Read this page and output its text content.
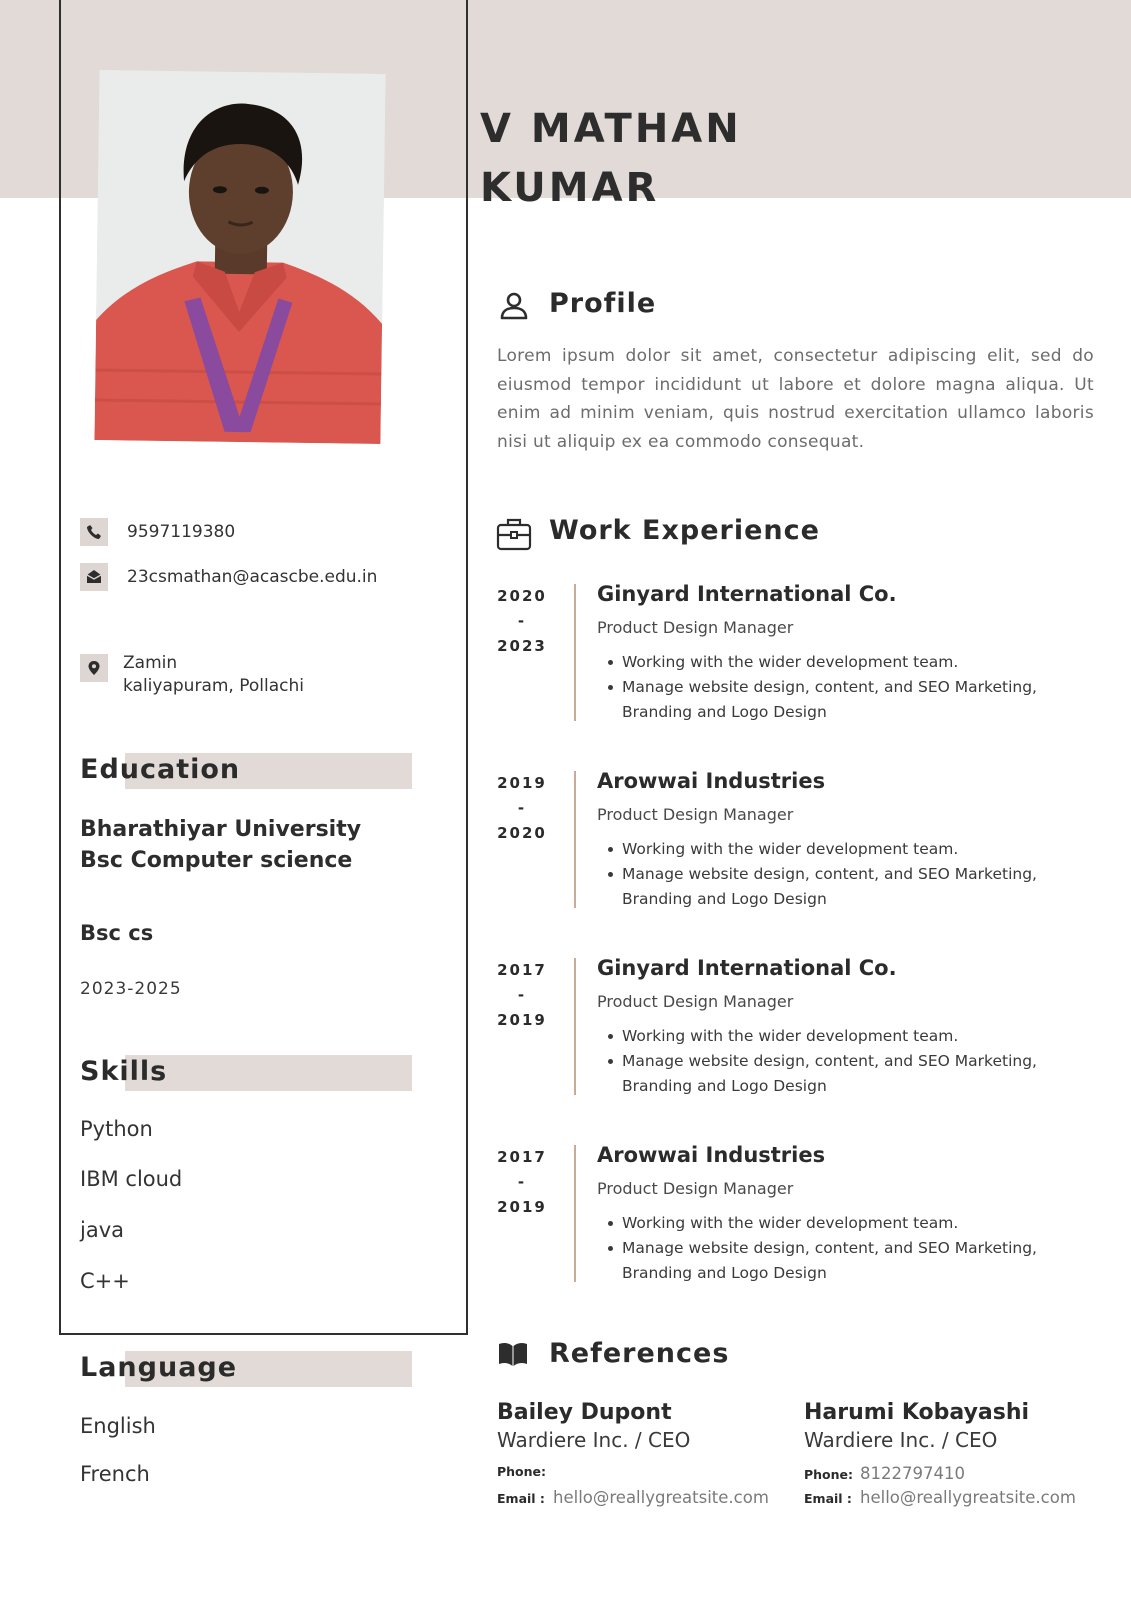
V MATHAN
KUMAR
9597119380
23csmathan@acascbe.edu.in
Zamin
kaliyapuram, Pollachi
Education
Bharathiyar University
Bsc Computer science
Bsc cs
2023-2025
Skills
Python
IBM cloud
java
C++
Language
English
French
Profile
Lorem ipsum dolor sit amet, consectetur adipiscing elit, sed do eiusmod tempor incididunt ut labore et dolore magna aliqua. Ut enim ad minim veniam, quis nostrud exercitation ullamco laboris nisi ut aliquip ex ea commodo consequat.
Work Experience
2020
-
2023
Ginyard International Co.
Product Design Manager
Working with the wider development team.
Manage website design, content, and SEO Marketing, Branding and Logo Design
2019
-
2020
Arowwai Industries
Product Design Manager
Working with the wider development team.
Manage website design, content, and SEO Marketing, Branding and Logo Design
2017
-
2019
Ginyard International Co.
Product Design Manager
Working with the wider development team.
Manage website design, content, and SEO Marketing, Branding and Logo Design
2017
-
2019
Arowwai Industries
Product Design Manager
Working with the wider development team.
Manage website design, content, and SEO Marketing, Branding and Logo Design
References
Bailey Dupont
Wardiere Inc. / CEO
Phone:
Email : hello@reallygreatsite.com
Harumi Kobayashi
Wardiere Inc. / CEO
Phone: 8122797410
Email : hello@reallygreatsite.com
